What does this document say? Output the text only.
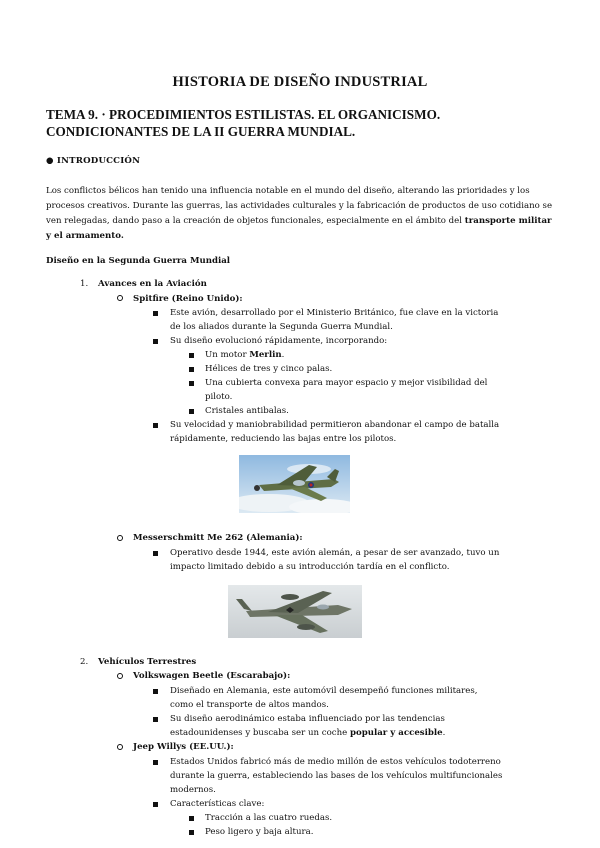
HISTORIA DE DISEÑO INDUSTRIAL
TEMA 9. · PROCEDIMIENTOS ESTILISTAS. EL ORGANICISMO. CONDICIONANTES DE LA II GUERRA MUNDIAL.
● INTRODUCCIÓN
Los conflictos bélicos han tenido una influencia notable en el mundo del diseño, alterando las prioridades y los procesos creativos. Durante las guerras, las actividades culturales y la fabricación de productos de uso cotidiano se ven relegadas, dando paso a la creación de objetos funcionales, especialmente en el ámbito del transporte militar y el armamento.
Diseño en la Segunda Guerra Mundial
1. Avances en la Aviación
Spitfire (Reino Unido):
Este avión, desarrollado por el Ministerio Británico, fue clave en la victoria
de los aliados durante la Segunda Guerra Mundial.
Su diseño evolucionó rápidamente, incorporando:
Un motor Merlin.
Hélices de tres y cinco palas.
Una cubierta convexa para mayor espacio y mejor visibilidad del
piloto.
Cristales antibalas.
Su velocidad y maniobrabilidad permitieron abandonar el campo de batalla
rápidamente, reduciendo las bajas entre los pilotos.
Messerschmitt Me 262 (Alemania):
Operativo desde 1944, este avión alemán, a pesar de ser avanzado, tuvo un
impacto limitado debido a su introducción tardía en el conflicto.
2. Vehículos Terrestres
Volkswagen Beetle (Escarabajo):
Diseñado en Alemania, este automóvil desempeñó funciones militares,
como el transporte de altos mandos.
Su diseño aerodinámico estaba influenciado por las tendencias
estadounidenses y buscaba ser un coche popular y accesible.
Jeep Willys (EE.UU.):
Estados Unidos fabricó más de medio millón de estos vehículos todoterreno
durante la guerra, estableciendo las bases de los vehículos multifuncionales
modernos.
Características clave:
Tracción a las cuatro ruedas.
Peso ligero y baja altura.
